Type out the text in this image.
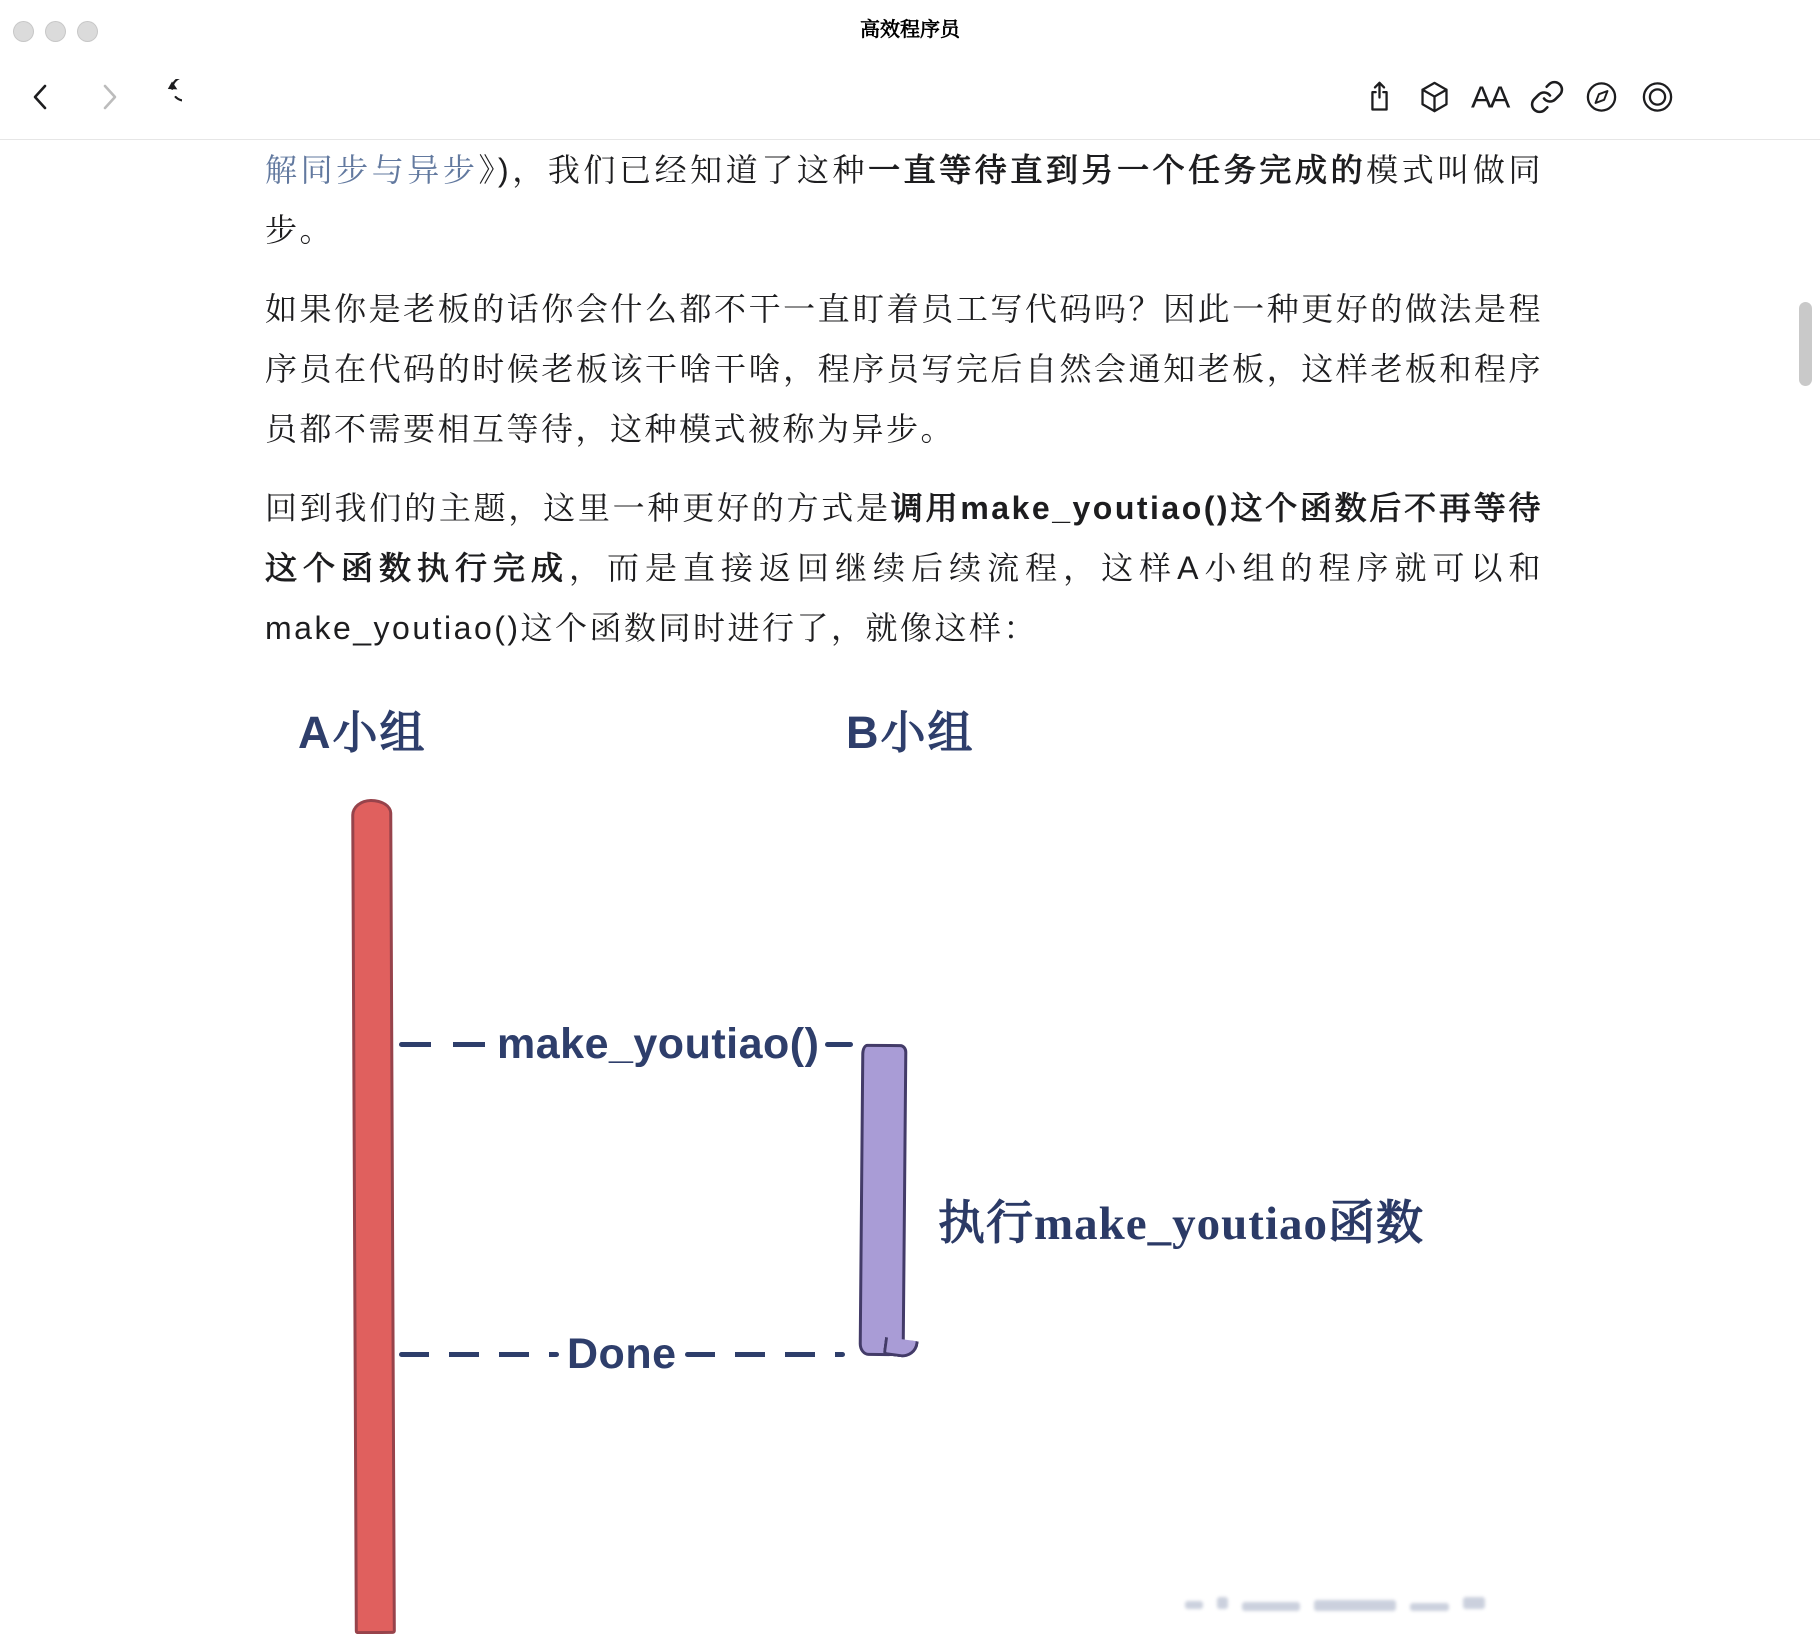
高效程序员
AA

解同步与异步》)，我们已经知道了这种一直等待直到另一个任务完成的模式叫做同步。

如果你是老板的话你会什么都不干一直盯着员工写代码吗？因此一种更好的做法是程序员在代码的时候老板该干啥干啥，程序员写完后自然会通知老板，这样老板和程序员都不需要相互等待，这种模式被称为异步。

回到我们的主题，这里一种更好的方式是调用make_youtiao()这个函数后不再等待这个函数执行完成，而是直接返回继续后续流程，这样A小组的程序就可以和make_youtiao()这个函数同时进行了，就像这样：

A小组	B小组
make_youtiao()
执行make_youtiao函数
Done
